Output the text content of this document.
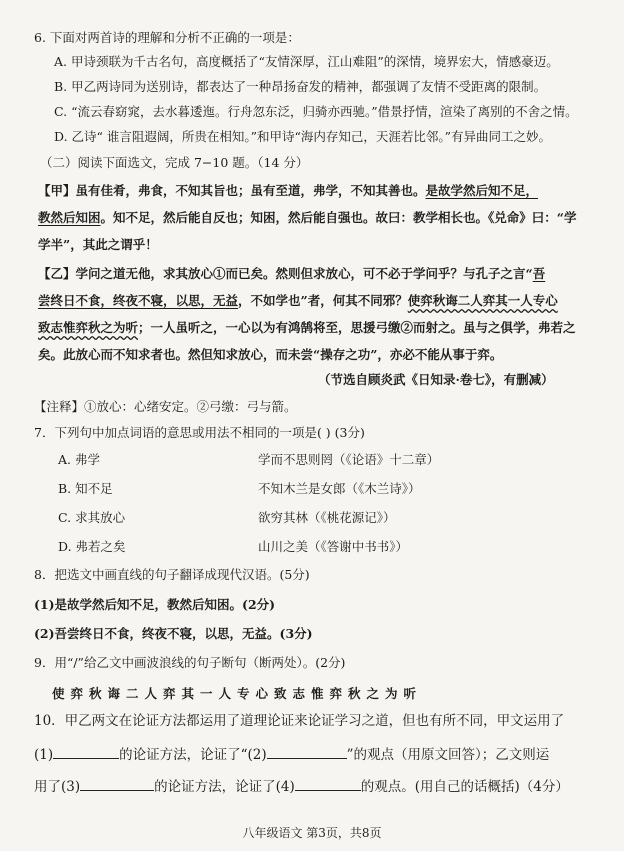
6. 下面对两首诗的理解和分析不正确的一项是：
A. 甲诗颈联为千古名句，高度概括了“友情深厚，江山难阻”的深情，境界宏大，情感豪迈。
B. 甲乙两诗同为送别诗，都表达了一种昂扬奋发的精神，都强调了友情不受距离的限制。
C. “流云春窈窕，去水暮逶迤。行舟忽东泛，归骑亦西驰。”借景抒情，渲染了离别的不舍之情。
D. 乙诗“ 谁言阻遐阔，所贵在相知。”和甲诗“海内存知己，天涯若比邻。”有异曲同工之妙。
（二）阅读下面选文，完成 7−10 题。（14 分）
【甲】虽有佳肴，弗食，不知其旨也；虽有至道，弗学，不知其善也。是故学然后知不足，
教然后知困。知不足，然后能自反也；知困，然后能自强也。故曰：教学相长也。《兑命》曰：“学
学半”，其此之谓乎！
【乙】学问之道无他，求其放心①而已矣。然则但求放心，可不必于学问乎？与孔子之言“吾
尝终日不食，终夜不寝，以思，无益，不如学也”者，何其不同邪？使弈秋诲二人弈其一人专心
致志惟弈秋之为听；一人虽听之，一心以为有鸿鹄将至，思援弓缴②而射之。虽与之俱学，弗若之
矣。此放心而不知求者也。然但知求放心，而未尝“操存之功”，亦必不能从事于弈。
（节选自顾炎武《日知录·卷七》，有删减）
【注释】①放心：心绪安定。②弓缴：弓与箭。
7．下列句中加点词语的意思或用法不相同的一项是( ) (3分)
A. 弗学	学而不思则罔（《论语》十二章）
B. 知不足	不知木兰是女郎（《木兰诗》）
C. 求其放心	欲穷其林（《桃花源记》）
D. 弗若之矣	山川之美（《答谢中书书》）
8．把选文中画直线的句子翻译成现代汉语。(5分)
(1)是故学然后知不足，教然后知困。(2分)
(2)吾尝终日不食，终夜不寝，以思，无益。(3分)
9．用“/”给乙文中画波浪线的句子断句（断两处）。(2分)
使弈秋诲二人弈其一人专心致志惟弈秋之为听
10．甲乙两文在论证方法都运用了道理论证来论证学习之道，但也有所不同，甲文运用了
(1)	的论证方法，论证了“(2)	”的观点（用原文回答）；乙文则运
用了(3)	的论证方法，论证了(4)	的观点。(用自己的话概括)（4分）
八年级语文 第3页，共8页
